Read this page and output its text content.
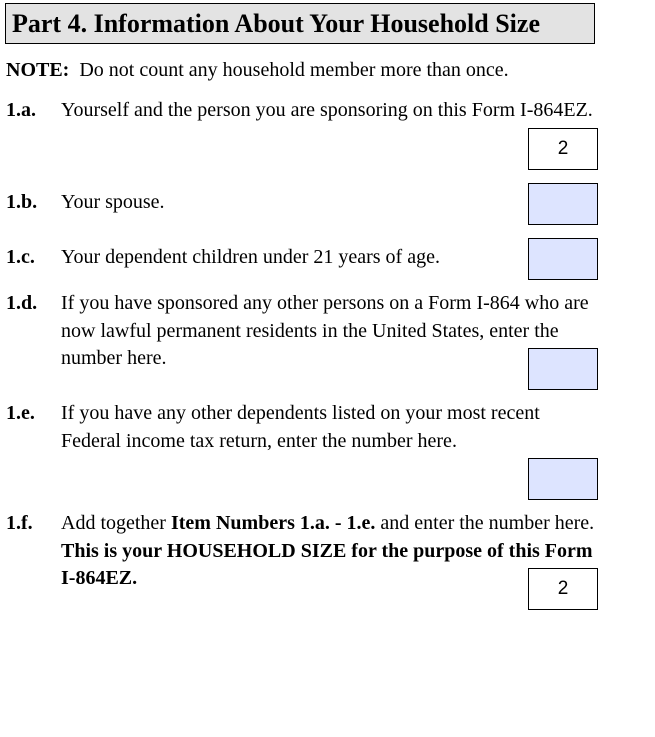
Part 4. Information About Your Household Size
NOTE: Do not count any household member more than once.
1.a. Yourself and the person you are sponsoring on this Form I-864EZ.
2
1.b. Your spouse.
1.c. Your dependent children under 21 years of age.
1.d. If you have sponsored any other persons on a Form I-864 who are now lawful permanent residents in the United States, enter the number here.
1.e. If you have any other dependents listed on your most recent Federal income tax return, enter the number here.
1.f. Add together Item Numbers 1.a. - 1.e. and enter the number here.  This is your HOUSEHOLD SIZE for the purpose of this Form I-864EZ.
2
